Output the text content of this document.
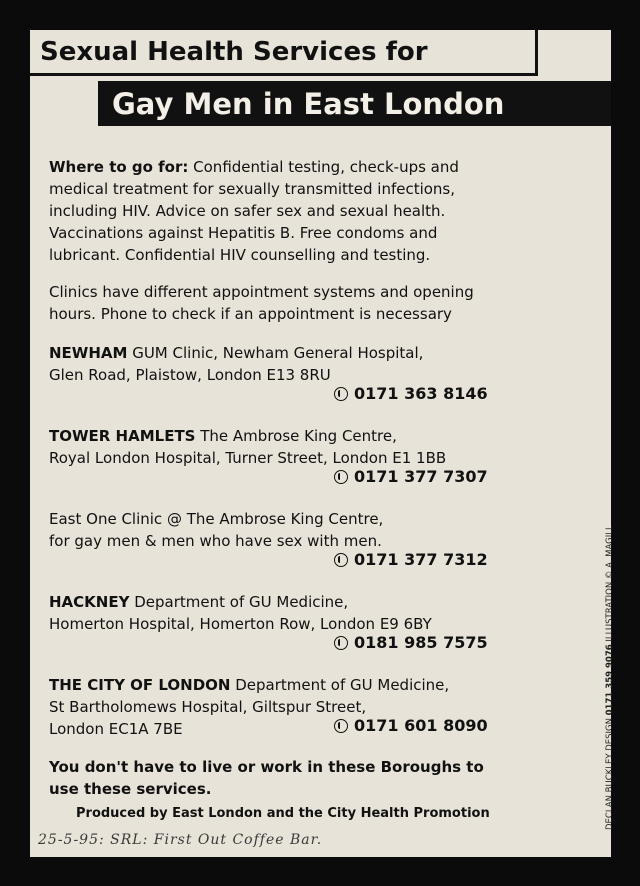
Sexual Health Services for
Gay Men in East London
Where to go for: Confidential testing, check-ups and
medical treatment for sexually transmitted infections,
including HIV. Advice on safer sex and sexual health.
Vaccinations against Hepatitis B. Free condoms and
lubricant. Confidential HIV counselling and testing.
Clinics have different appointment systems and opening
hours. Phone to check if an appointment is necessary
NEWHAM GUM Clinic, Newham General Hospital,
Glen Road, Plaistow, London E13 8RU
0171 363 8146
TOWER HAMLETS The Ambrose King Centre,
Royal London Hospital, Turner Street, London E1 1BB
0171 377 7307
East One Clinic @ The Ambrose King Centre,
for gay men & men who have sex with men.
0171 377 7312
HACKNEY Department of GU Medicine,
Homerton Hospital, Homerton Row, London E9 6BY
0181 985 7575
THE CITY OF LONDON Department of GU Medicine,
St Bartholomews Hospital, Giltspur Street,
London EC1A 7BE	0171 601 8090
You don't have to live or work in these Boroughs to
use these services.
Produced by East London and the City Health Promotion
25-5-95: SRL: First Out Coffee Bar.
DECLAN BUCKLEY DESIGN 0171 359 9076 ILLUSTRATION © A. MAGILL
